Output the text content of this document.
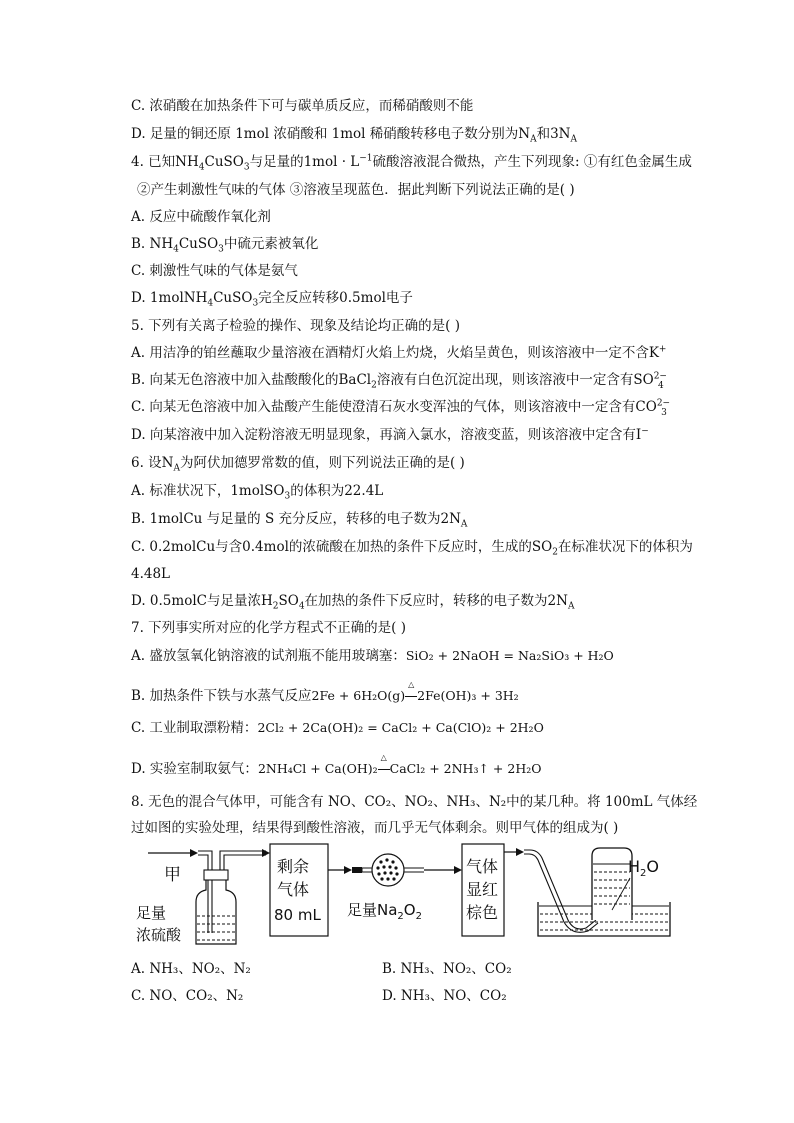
C. 浓硝酸在加热条件下可与碳单质反应，而稀硝酸则不能
D. 足量的铜还原 1mol 浓硝酸和 1mol 稀硝酸转移电子数分别为$N_A$和$3N_A$
4. 已知$NH_4CuSO_3$与足量的$1mol \cdot L^{-1}$硫酸溶液混合微热，产生下列现象: ①有红色金属生成
②产生刺激性气味的气体 ③溶液呈现蓝色．据此判断下列说法正确的是( )
A. 反应中硫酸作氧化剂
B. $NH_4CuSO_3$中硫元素被氧化
C. 刺激性气味的气体是氨气
D. 1molNH$_4$CuSO$_3$完全反应转移0.5mol电子
5. 下列有关离子检验的操作、现象及结论均正确的是( )
A. 用洁净的铂丝蘸取少量溶液在酒精灯火焰上灼烧，火焰呈黄色，则该溶液中一定不含K+
B. 向某无色溶液中加入盐酸酸化的BaCl$_2$溶液有白色沉淀出现，则该溶液中一定含有$SO^{2-}_4$
C. 向某无色溶液中加入盐酸产生能使澄清石灰水变浑浊的气体，则该溶液中一定含有$CO^{2-}_3$
D. 向某溶液中加入淀粉溶液无明显现象，再滴入氯水，溶液变蓝，则该溶液中定含有I−
6. 设$N_A$为阿伏加德罗常数的值，则下列说法正确的是( )
A. 标准状况下，1molSO$_3$的体积为22.4L
B. 1molCu 与足量的 S 充分反应，转移的电子数为$2N_A$
C. 0.2molCu与含0.4mol的浓硫酸在加热的条件下反应时，生成的$SO_2$在标准状况下的体积为
4.48L
D. 0.5molC与足量浓$H_2SO_4$在加热的条件下反应时，转移的电子数为$2N_A$
7. 下列事实所对应的化学方程式不正确的是( )
A. 盛放氢氧化钠溶液的试剂瓶不能用玻璃塞：SiO₂ + 2NaOH = Na₂SiO₃ + H₂O
B. 加热条件下铁与水蒸气反应2Fe + 6H₂O(g)
△
2Fe(OH)₃ + 3H₂
C. 工业制取漂粉精：2Cl₂ + 2Ca(OH)₂ = CaCl₂ + Ca(ClO)₂ + 2H₂O
D. 实验室制取氨气：2NH₄Cl + Ca(OH)₂
△
CaCl₂ + 2NH₃↑ + 2H₂O
8. 无色的混合气体甲，可能含有 NO、CO₂、NO₂、NH₃、N₂中的某几种。将 100mL 气体经
过如图的实验处理，结果得到酸性溶液，而几乎无气体剩余。则甲气体的组成为( )
甲
足量
浓硫酸
剩余
气体
80 mL 足量$Na_2O_2$
气体
显红
棕色
$H_2O$
A. NH₃、NO₂、N₂	B. NH₃、NO₂、CO₂
C. NO、CO₂、N₂	D. NH₃、NO、CO₂
